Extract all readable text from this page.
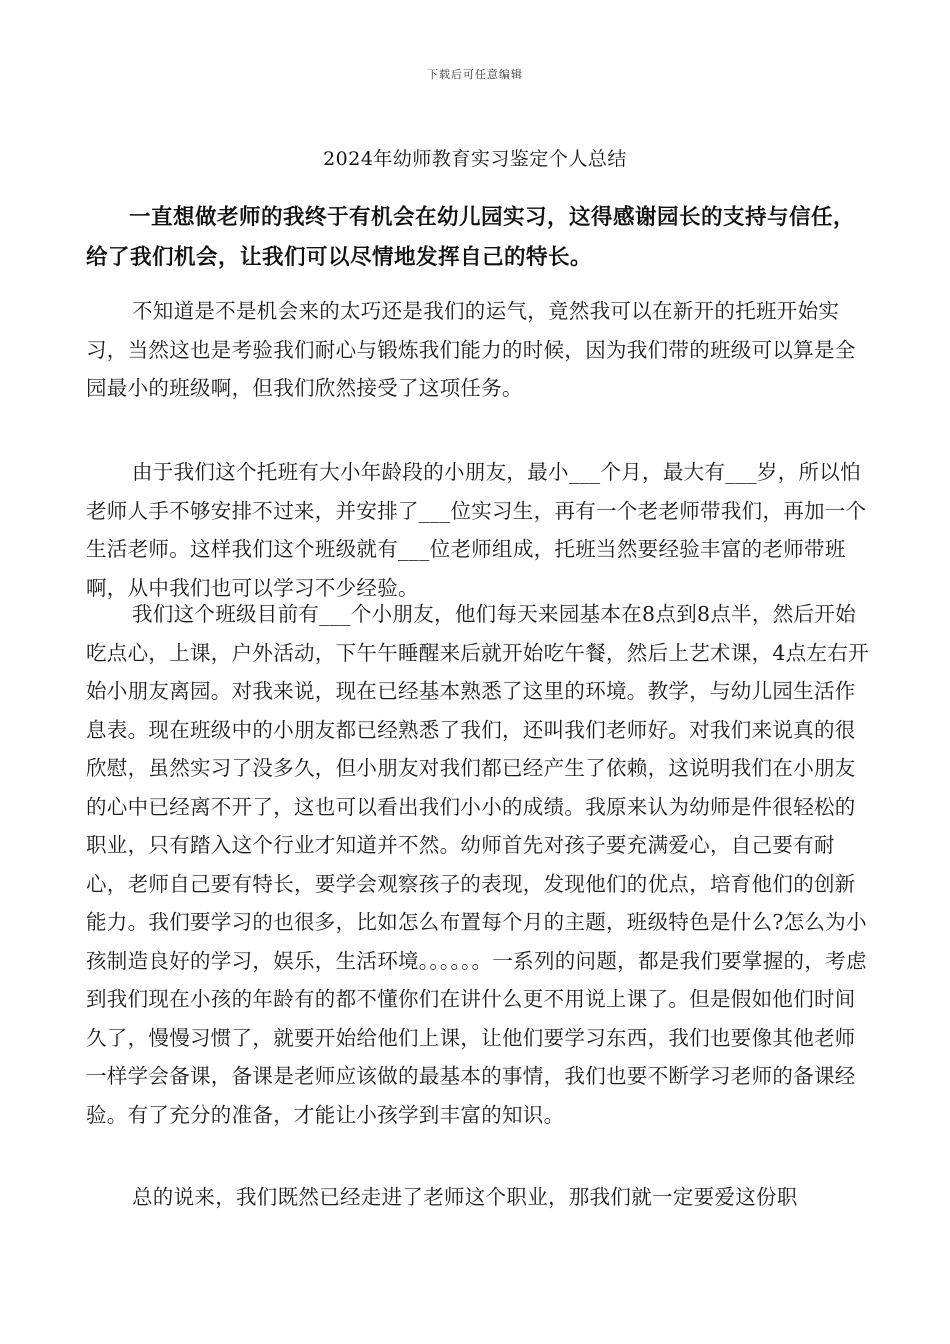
下载后可任意编辑
2024年幼师教育实习鉴定个人总结

一直想做老师的我终于有机会在幼儿园实习，这得感谢园长的支持与信任，给了我们机会，让我们可以尽情地发挥自己的特长。

不知道是不是机会来的太巧还是我们的运气，竟然我可以在新开的托班开始实习，当然这也是考验我们耐心与锻炼我们能力的时候，因为我们带的班级可以算是全园最小的班级啊，但我们欣然接受了这项任务。

由于我们这个托班有大小年龄段的小朋友，最小___个月，最大有___岁，所以怕老师人手不够安排不过来，并安排了___位实习生，再有一个老老师带我们，再加一个生活老师。这样我们这个班级就有___位老师组成，托班当然要经验丰富的老师带班啊，从中我们也可以学习不少经验。

我们这个班级目前有___个小朋友，他们每天来园基本在8点到8点半，然后开始吃点心，上课，户外活动，下午午睡醒来后就开始吃午餐，然后上艺术课，4点左右开始小朋友离园。对我来说，现在已经基本熟悉了这里的环境。教学，与幼儿园生活作息表。现在班级中的小朋友都已经熟悉了我们，还叫我们老师好。对我们来说真的很欣慰，虽然实习了没多久，但小朋友对我们都已经产生了依赖，这说明我们在小朋友的心中已经离不开了，这也可以看出我们小小的成绩。我原来认为幼师是件很轻松的职业，只有踏入这个行业才知道并不然。幼师首先对孩子要充满爱心，自己要有耐心，老师自己要有特长，要学会观察孩子的表现，发现他们的优点，培育他们的创新能力。我们要学习的也很多，比如怎么布置每个月的主题，班级特色是什么?怎么为小孩制造良好的学习，娱乐，生活环境。。。。。。一系列的问题，都是我们要掌握的，考虑到我们现在小孩的年龄有的都不懂你们在讲什么更不用说上课了。但是假如他们时间久了，慢慢习惯了，就要开始给他们上课，让他们要学习东西，我们也要像其他老师一样学会备课，备课是老师应该做的最基本的事情，我们也要不断学习老师的备课经验。有了充分的准备，才能让小孩学到丰富的知识。

总的说来，我们既然已经走进了老师这个职业，那我们就一定要爱这份职
